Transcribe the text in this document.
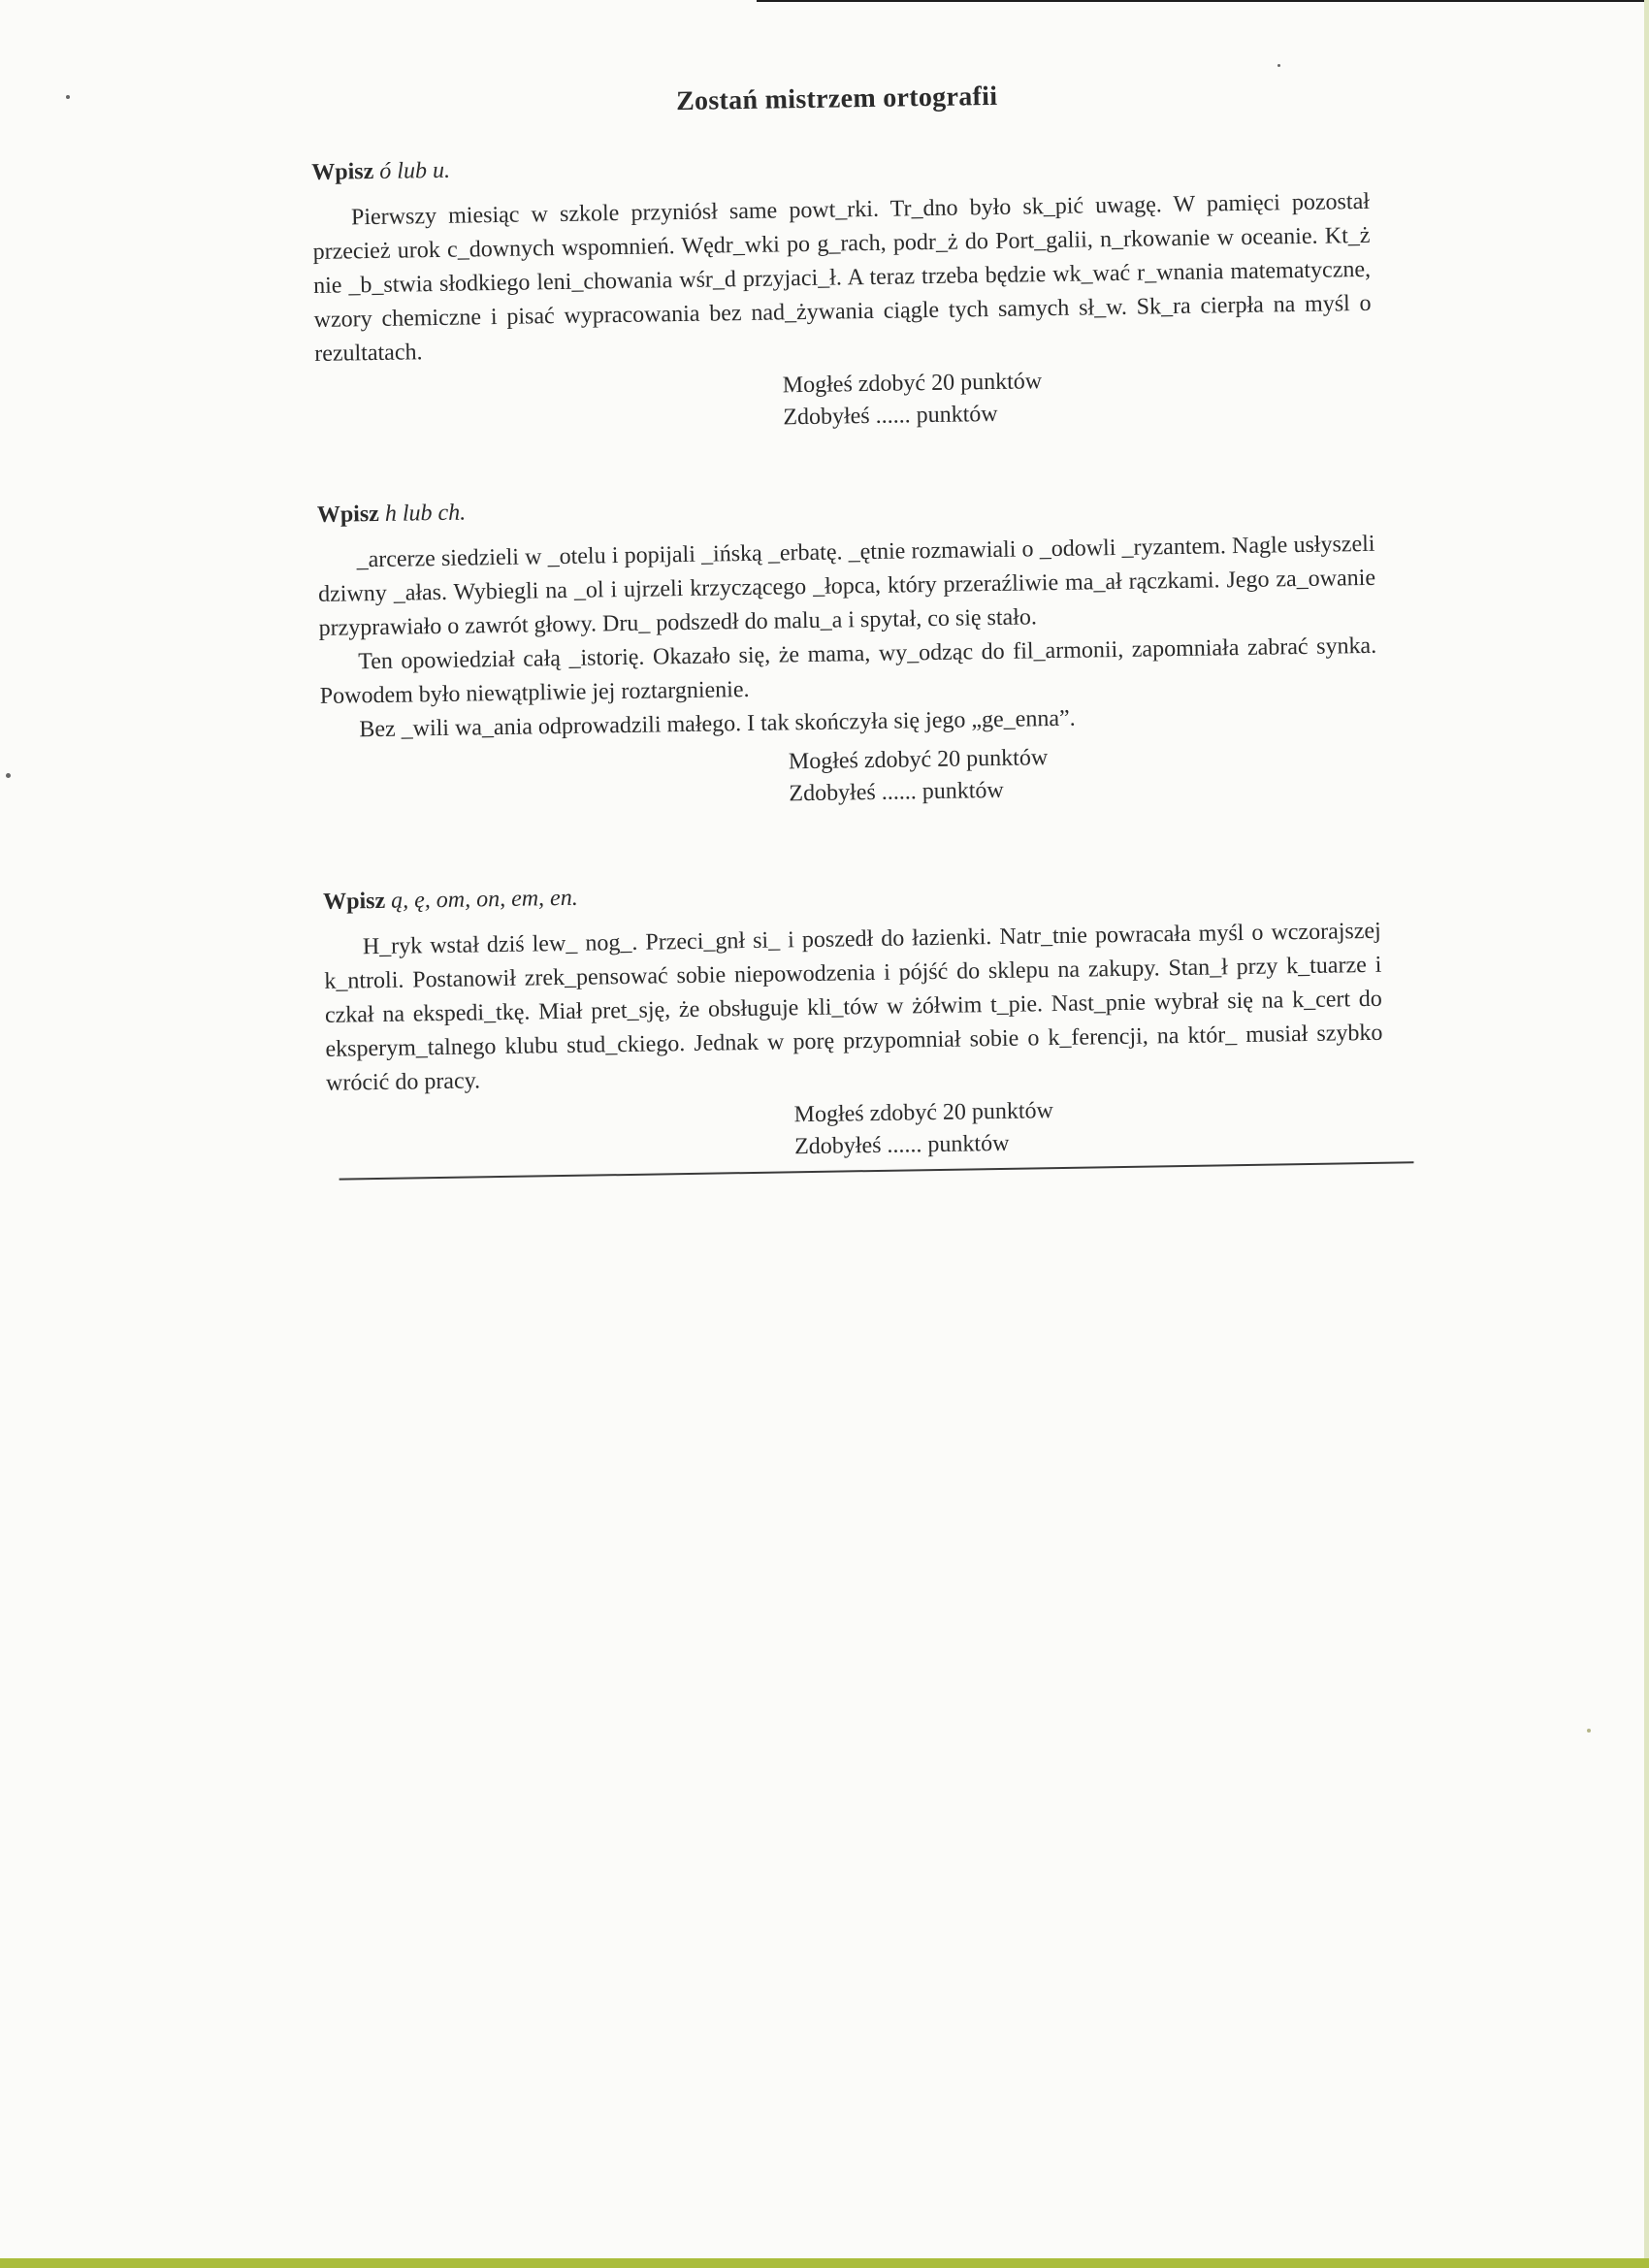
Zostań mistrzem ortografii
Wpisz ó lub u.

Pierwszy miesiąc w szkole przyniósł same powt_rki. Tr_dno było sk_pić uwagę. W pamięci pozostał przecież urok c_downych wspomnień. Wędr_wki po g_rach, podr_ż do Port_galii, n_rkowanie w oceanie. Kt_ż nie _b_stwia słodkiego leni_chowania wśr_d przyjaci_ł. A teraz trzeba będzie wk_wać r_wnania matematyczne, wzory chemiczne i pisać wypracowania bez nad_żywania ciągle tych samych sł_w. Sk_ra cierpła na myśl o rezultatach.

Mogłeś zdobyć 20 punktów
Zdobyłeś ...... punktów
Wpisz h lub ch.

_arcerze siedzieli w _otelu i popijali _ińską _erbatę. _ętnie rozmawiali o _odowli _ryzantem. Nagle usłyszeli dziwny _ałas. Wybiegli na _ol i ujrzeli krzyczącego _łopca, który przeraźliwie ma_ał rączkami. Jego za_owanie przyprawiało o zawrót głowy. Dru_ podszedł do malu_a i spytał, co się stało.

Ten opowiedział całą _istorię. Okazało się, że mama, wy_odząc do fil_armonii, zapomniała zabrać synka. Powodem było niewątpliwie jej roztargnienie.

Bez _wili wa_ania odprowadzili małego. I tak skończyła się jego „ge_enna”.

Mogłeś zdobyć 20 punktów
Zdobyłeś ...... punktów
Wpisz ą, ę, om, on, em, en.

H_ryk wstał dziś lew_ nog_. Przeci_gnł si_ i poszedł do łazienki. Natr_tnie powracała myśl o wczorajszej k_ntroli. Postanowił zrek_pensować sobie niepowodzenia i pójść do sklepu na zakupy. Stan_ł przy k_tuarze i czkał na ekspedi_tkę. Miał pret_sję, że obsługuje kli_tów w żółwim t_pie. Nast_pnie wybrał się na k_cert do eksperym_talnego klubu stud_ckiego. Jednak w porę przypomniał sobie o k_ferencji, na któr_ musiał szybko wrócić do pracy.

Mogłeś zdobyć 20 punktów
Zdobyłeś ...... punktów
